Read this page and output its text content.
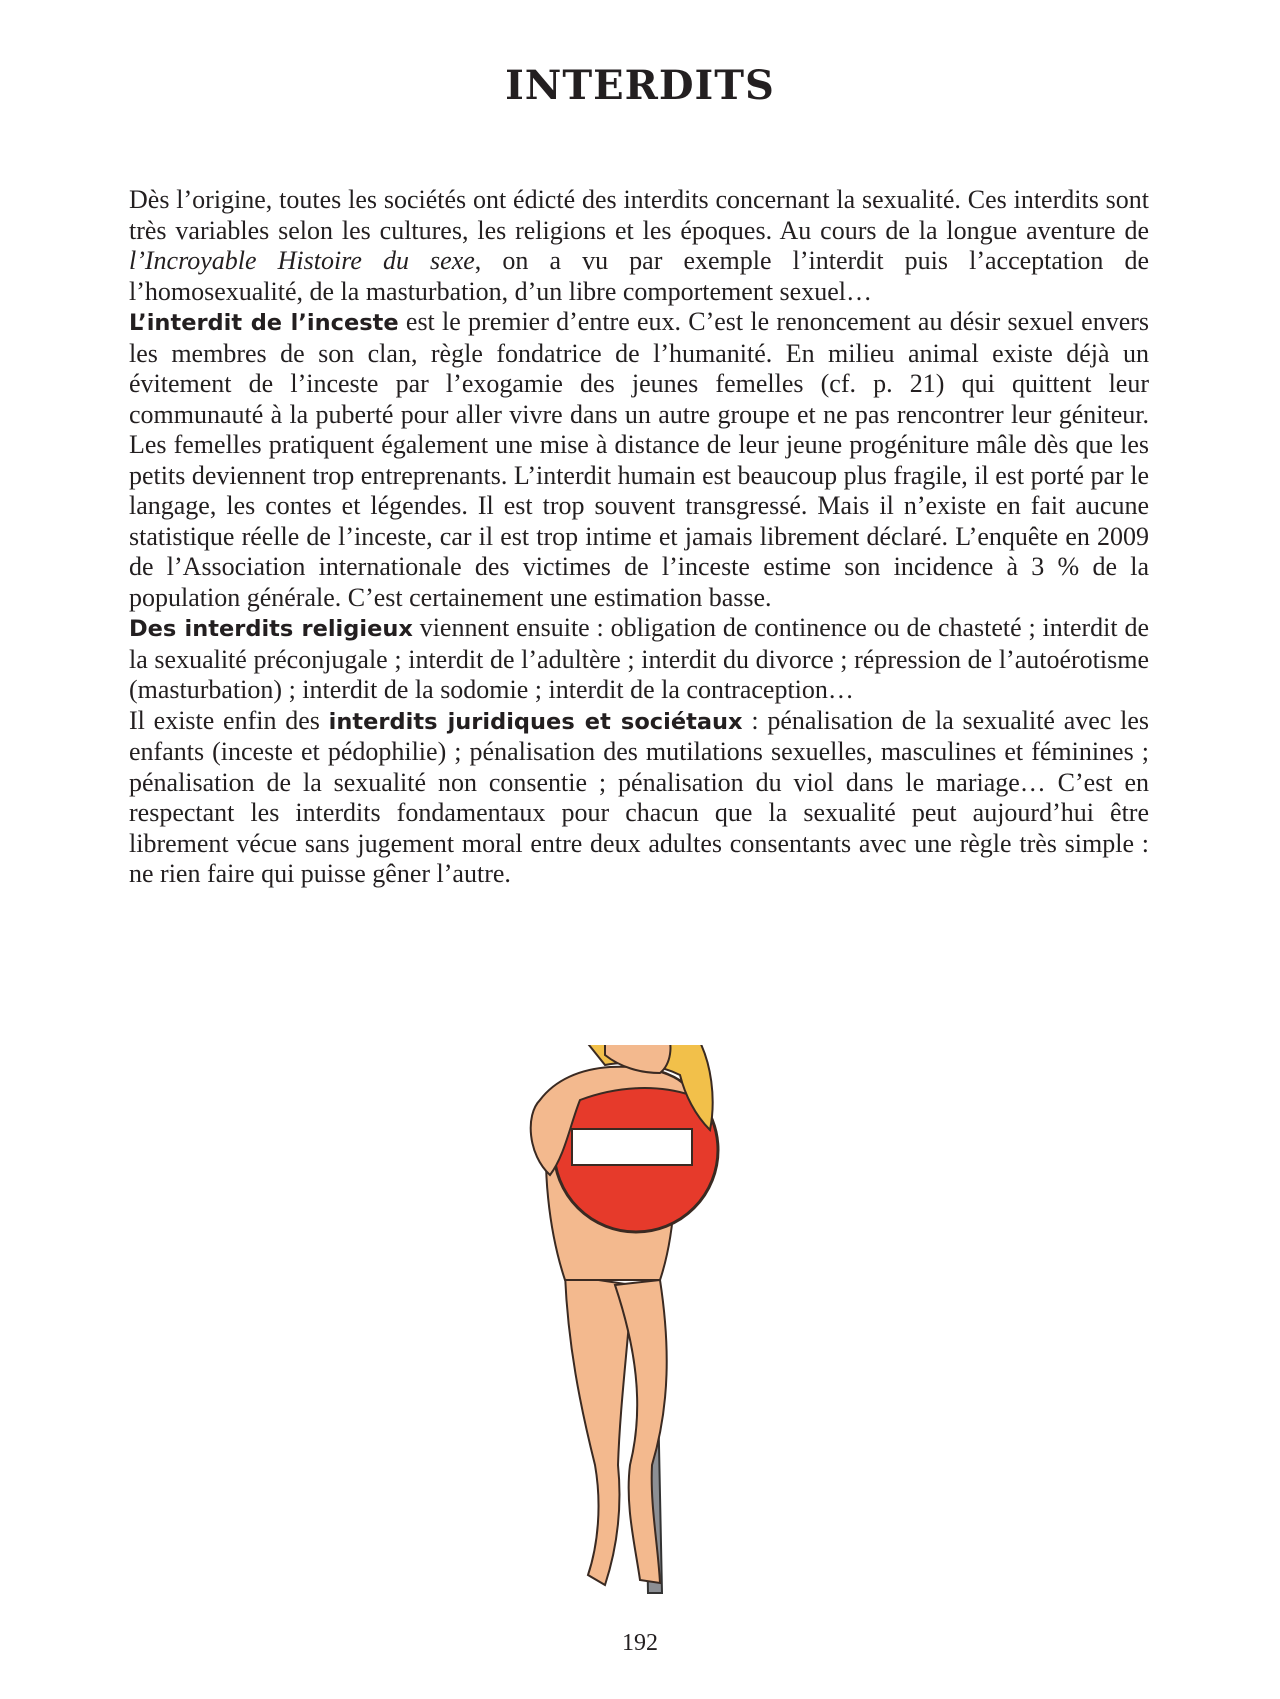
INTERDITS

Dès l’origine, toutes les sociétés ont édicté des interdits concernant la sexualité. Ces interdits sont très variables selon les cultures, les religions et les époques. Au cours de la longue aventure de l’Incroyable Histoire du sexe, on a vu par exemple l’interdit puis l’acceptation de l’homosexualité, de la masturbation, d’un libre comportement sexuel…

L’interdit de l’inceste est le premier d’entre eux. C’est le renoncement au désir sexuel envers les membres de son clan, règle fondatrice de l’humanité. En milieu animal existe déjà un évitement de l’inceste par l’exogamie des jeunes femelles (cf. p. 21) qui quittent leur communauté à la puberté pour aller vivre dans un autre groupe et ne pas rencontrer leur géniteur. Les femelles pratiquent également une mise à distance de leur jeune progéniture mâle dès que les petits deviennent trop entreprenants. L’interdit humain est beaucoup plus fragile, il est porté par le langage, les contes et légendes. Il est trop souvent transgressé. Mais il n’existe en fait aucune statistique réelle de l’inceste, car il est trop intime et jamais librement déclaré. L’enquête en 2009 de l’Association internationale des victimes de l’inceste estime son incidence à 3 % de la population générale. C’est certainement une estimation basse.

Des interdits religieux viennent ensuite : obligation de continence ou de chasteté ; interdit de la sexualité préconjugale ; interdit de l’adultère ; interdit du divorce ; répression de l’autoérotisme (masturbation) ; interdit de la sodomie ; interdit de la contraception…

Il existe enfin des interdits juridiques et sociétaux : pénalisation de la sexualité avec les enfants (inceste et pédophilie) ; pénalisation des mutilations sexuelles, masculines et féminines ; pénalisation de la sexualité non consentie ; pénalisation du viol dans le mariage… C’est en respectant les interdits fondamentaux pour chacun que la sexualité peut aujourd’hui être librement vécue sans jugement moral entre deux adultes consentants avec une règle très simple : ne rien faire qui puisse gêner l’autre.

192
